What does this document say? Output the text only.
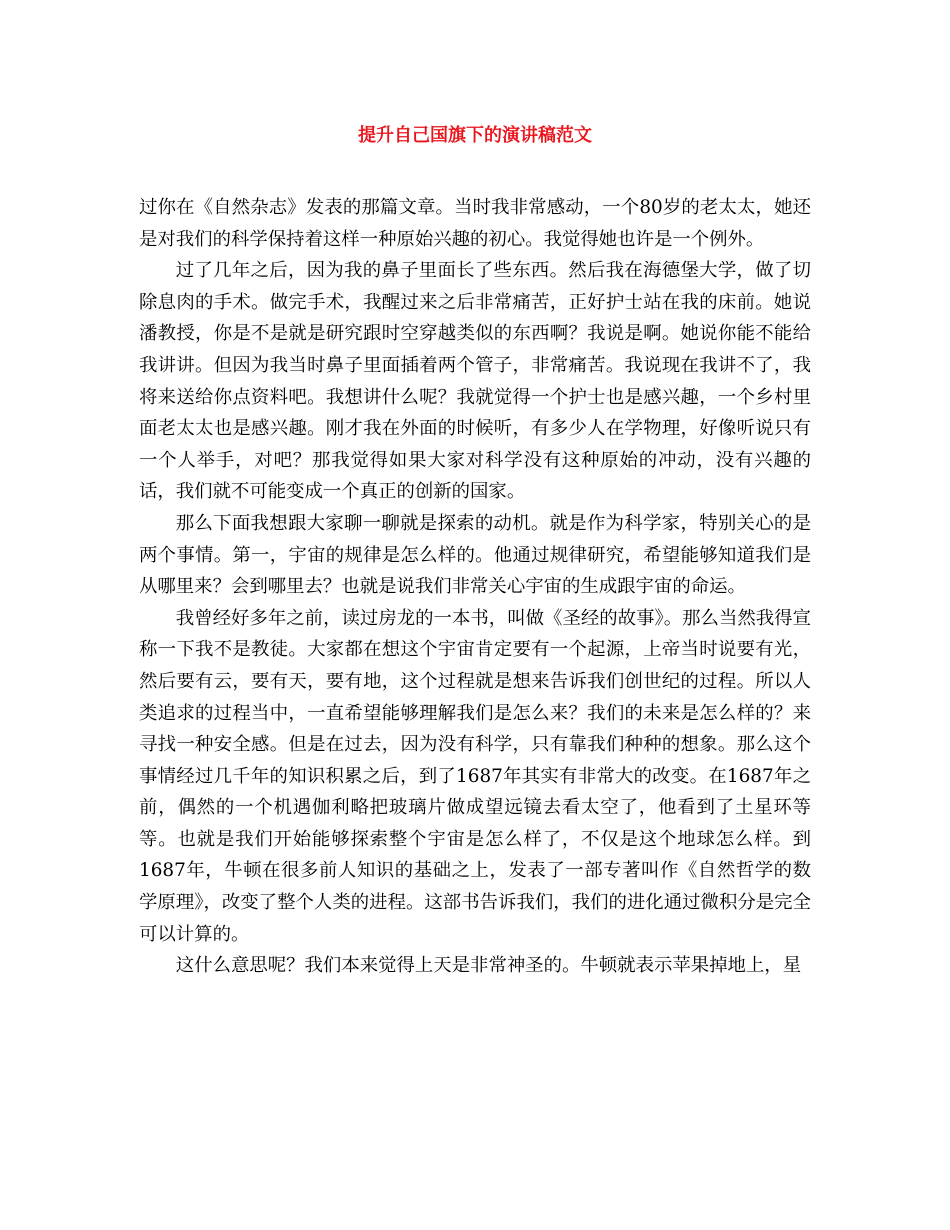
提升自己国旗下的演讲稿范文

过你在《自然杂志》发表的那篇文章。当时我非常感动，一个80岁的老太太，她还是对我们的科学保持着这样一种原始兴趣的初心。我觉得她也许是一个例外。

过了几年之后，因为我的鼻子里面长了些东西。然后我在海德堡大学，做了切除息肉的手术。做完手术，我醒过来之后非常痛苦，正好护士站在我的床前。她说潘教授，你是不是就是研究跟时空穿越类似的东西啊？我说是啊。她说你能不能给我讲讲。但因为我当时鼻子里面插着两个管子，非常痛苦。我说现在我讲不了，我将来送给你点资料吧。我想讲什么呢？我就觉得一个护士也是感兴趣，一个乡村里面老太太也是感兴趣。刚才我在外面的时候听，有多少人在学物理，好像听说只有一个人举手，对吧？那我觉得如果大家对科学没有这种原始的冲动，没有兴趣的话，我们就不可能变成一个真正的创新的国家。

那么下面我想跟大家聊一聊就是探索的动机。就是作为科学家，特别关心的是两个事情。第一，宇宙的规律是怎么样的。他通过规律研究，希望能够知道我们是从哪里来？会到哪里去？也就是说我们非常关心宇宙的生成跟宇宙的命运。

我曾经好多年之前，读过房龙的一本书，叫做《圣经的故事》。那么当然我得宣称一下我不是教徒。大家都在想这个宇宙肯定要有一个起源，上帝当时说要有光，然后要有云，要有天，要有地，这个过程就是想来告诉我们创世纪的过程。所以人类追求的过程当中，一直希望能够理解我们是怎么来？我们的未来是怎么样的？来寻找一种安全感。但是在过去，因为没有科学，只有靠我们种种的想象。那么这个事情经过几千年的知识积累之后，到了1687年其实有非常大的改变。在1687年之前，偶然的一个机遇伽利略把玻璃片做成望远镜去看太空了，他看到了土星环等等。也就是我们开始能够探索整个宇宙是怎么样了，不仅是这个地球怎么样。到1687年，牛顿在很多前人知识的基础之上，发表了一部专著叫作《自然哲学的数学原理》，改变了整个人类的进程。这部书告诉我们，我们的进化通过微积分是完全可以计算的。

这什么意思呢？我们本来觉得上天是非常神圣的。牛顿就表示苹果掉地上，星
